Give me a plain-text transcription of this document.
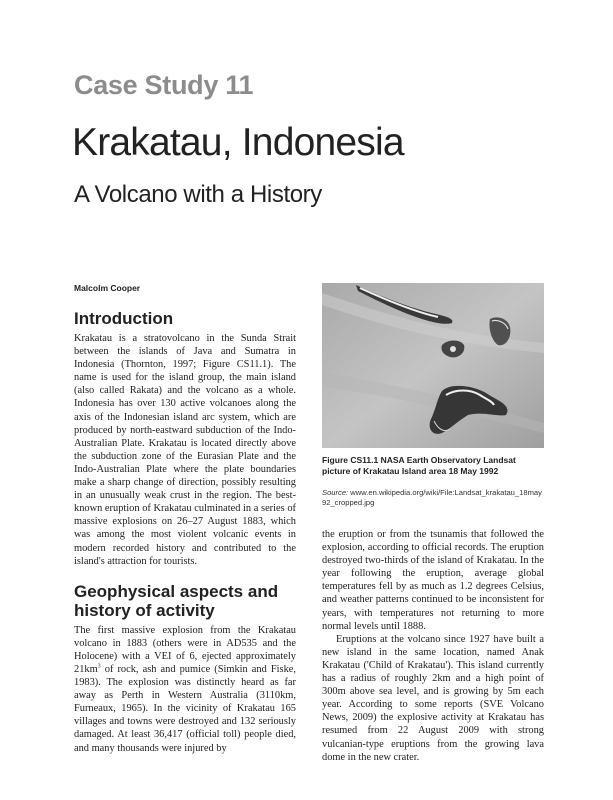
Case Study 11
Krakatau, Indonesia
A Volcano with a History
Malcolm Cooper
Introduction

Krakatau is a stratovolcano in the Sunda Strait between the islands of Java and Sumatra in Indonesia (Thornton, 1997; Figure CS11.1). The name is used for the island group, the main island (also called Rakata) and the volcano as a whole. Indonesia has over 130 active volcanoes along the axis of the Indonesian island arc system, which are produced by north-eastward subduction of the Indo-Australian Plate. Krakatau is located directly above the subduction zone of the Eurasian Plate and the Indo-Australian Plate where the plate boundaries make a sharp change of direction, possibly resulting in an unusually weak crust in the region. The best-known eruption of Krakatau culminated in a series of massive explosions on 26–27 August 1883, which was among the most violent volcanic events in modern recorded history and contributed to the island's attraction for tourists.

Geophysical aspects and history of activity

The first massive explosion from the Krakatau volcano in 1883 (others were in AD535 and the Holocene) with a VEI of 6, ejected approximately $21km^3$ of rock, ash and pumice (Simkin and Fiske, 1983). The explosion was distinctly heard as far away as Perth in Western Australia (3110km, Furneaux, 1965). In the vicinity of Krakatau 165 villages and towns were destroyed and 132 seriously damaged. At least 36,417 (official toll) people died, and many thousands were injured by

Figure CS11.1 NASA Earth Observatory Landsat picture of Krakatau Island area 18 May 1992
Source: www.en.wikipedia.org/wiki/File:Landsat_krakatau_18may92_cropped.jpg

the eruption or from the tsunamis that followed the explosion, according to official records. The eruption destroyed two-thirds of the island of Krakatau. In the year following the eruption, average global temperatures fell by as much as 1.2 degrees Celsius, and weather patterns continued to be inconsistent for years, with temperatures not returning to more normal levels until 1888.

Eruptions at the volcano since 1927 have built a new island in the same location, named Anak Krakatau ('Child of Krakatau'). This island currently has a radius of roughly 2km and a high point of 300m above sea level, and is growing by 5m each year. According to some reports (SVE Volcano News, 2009) the explosive activity at Krakatau has resumed from 22 August 2009 with strong vulcanian-type eruptions from the growing lava dome in the new crater.
